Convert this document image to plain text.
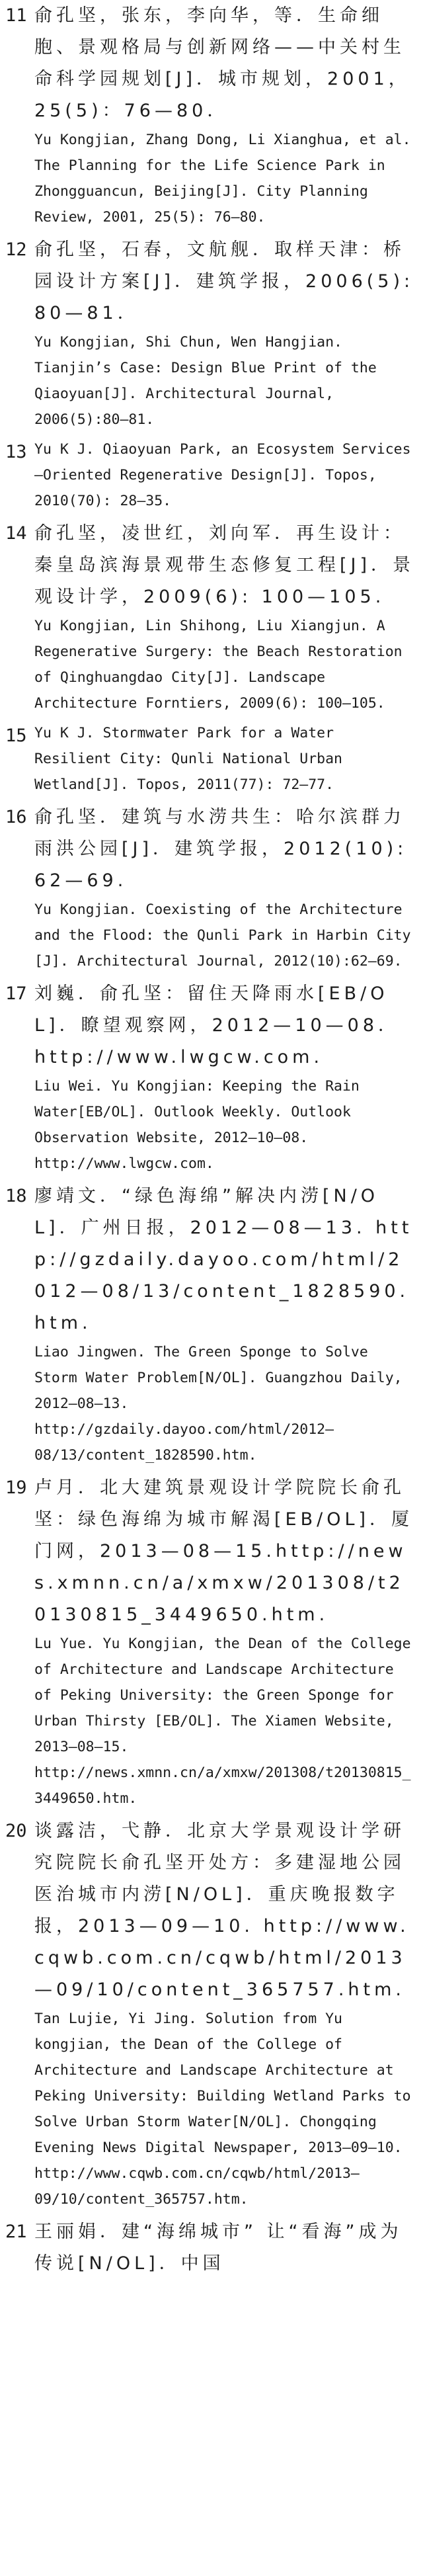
11 俞孔坚，张东，李向华，等．生命细胞、景观格局与创新网络——中关村生命科学园规划[J]．城市规划，2001，25(5)：76—80．

Yu Kongjian, Zhang Dong, Li Xianghua, et al. The Planning for the Life Science Park in Zhongguancun, Beijing[J]. City Planning Review, 2001, 25(5): 76—80.

12 俞孔坚，石春，文航舰．取样天津：桥园设计方案[J]．建筑学报，2006(5):80—81．

Yu Kongjian, Shi Chun, Wen Hangjian. Tianjin’s Case: Design Blue Print of the Qiaoyuan[J]. Architectural Journal, 2006(5):80—81.

13 Yu K J. Qiaoyuan Park, an Ecosystem Services—Oriented Regenerative Design[J]. Topos, 2010(70): 28—35.

14 俞孔坚，凌世红，刘向军．再生设计：秦皇岛滨海景观带生态修复工程[J]．景观设计学，2009(6): 100—105.

Yu Kongjian, Lin Shihong, Liu Xiangjun. A Regenerative Surgery: the Beach Restoration of Qinghuangdao City[J]. Landscape Architecture Forntiers, 2009(6): 100—105.

15 Yu K J. Stormwater Park for a Water Resilient City: Qunli National Urban Wetland[J]. Topos, 2011(77): 72—77.

16 俞孔坚．建筑与水涝共生：哈尔滨群力雨洪公园[J]．建筑学报，2012(10):62—69.

Yu Kongjian. Coexisting of the Architecture and the Flood: the Qunli Park in Harbin City [J]. Architectural Journal, 2012(10):62—69.

17 刘巍．俞孔坚：留住天降雨水[EB/OL]．瞭望观察网，2012—10—08．http://www.lwgcw.com.

Liu Wei. Yu Kongjian: Keeping the Rain Water[EB/OL]. Outlook Weekly. Outlook Observation Website, 2012—10—08. http://www.lwgcw.com.

18 廖靖文．“绿色海绵”解决内涝[N/OL]．广州日报，2012—08—13. http://gzdaily.dayoo.com/html/2012—08/13/content_1828590.htm.

Liao Jingwen. The Green Sponge to Solve Storm Water Problem[N/OL]. Guangzhou Daily, 2012—08—13. http://gzdaily.dayoo.com/html/2012—08/13/content_1828590.htm.

19 卢月．北大建筑景观设计学院院长俞孔坚：绿色海绵为城市解渴[EB/OL]．厦门网，2013—08—15.http://news.xmnn.cn/a/xmxw/201308/t20130815_3449650.htm.

Lu Yue. Yu Kongjian, the Dean of the College of Architecture and Landscape Architecture of Peking University: the Green Sponge for Urban Thirsty [EB/OL]. The Xiamen Website, 2013—08—15. http://news.xmnn.cn/a/xmxw/201308/t20130815_3449650.htm.

20 谈露洁，弋静．北京大学景观设计学研究院院长俞孔坚开处方：多建湿地公园医治城市内涝[N/OL]．重庆晚报数字报，2013—09—10. http://www.cqwb.com.cn/cqwb/html/2013—09/10/content_365757.htm.

Tan Lujie, Yi Jing. Solution from Yu kongjian, the Dean of the College of Architecture and Landscape Architecture at Peking University: Building Wetland Parks to Solve Urban Storm Water[N/OL]. Chongqing Evening News Digital Newspaper, 2013—09—10. http://www.cqwb.com.cn/cqwb/html/2013—09/10/content_365757.htm.

21 王丽娟．建“海绵城市” 让“看海”成为传说[N/OL]．中国
